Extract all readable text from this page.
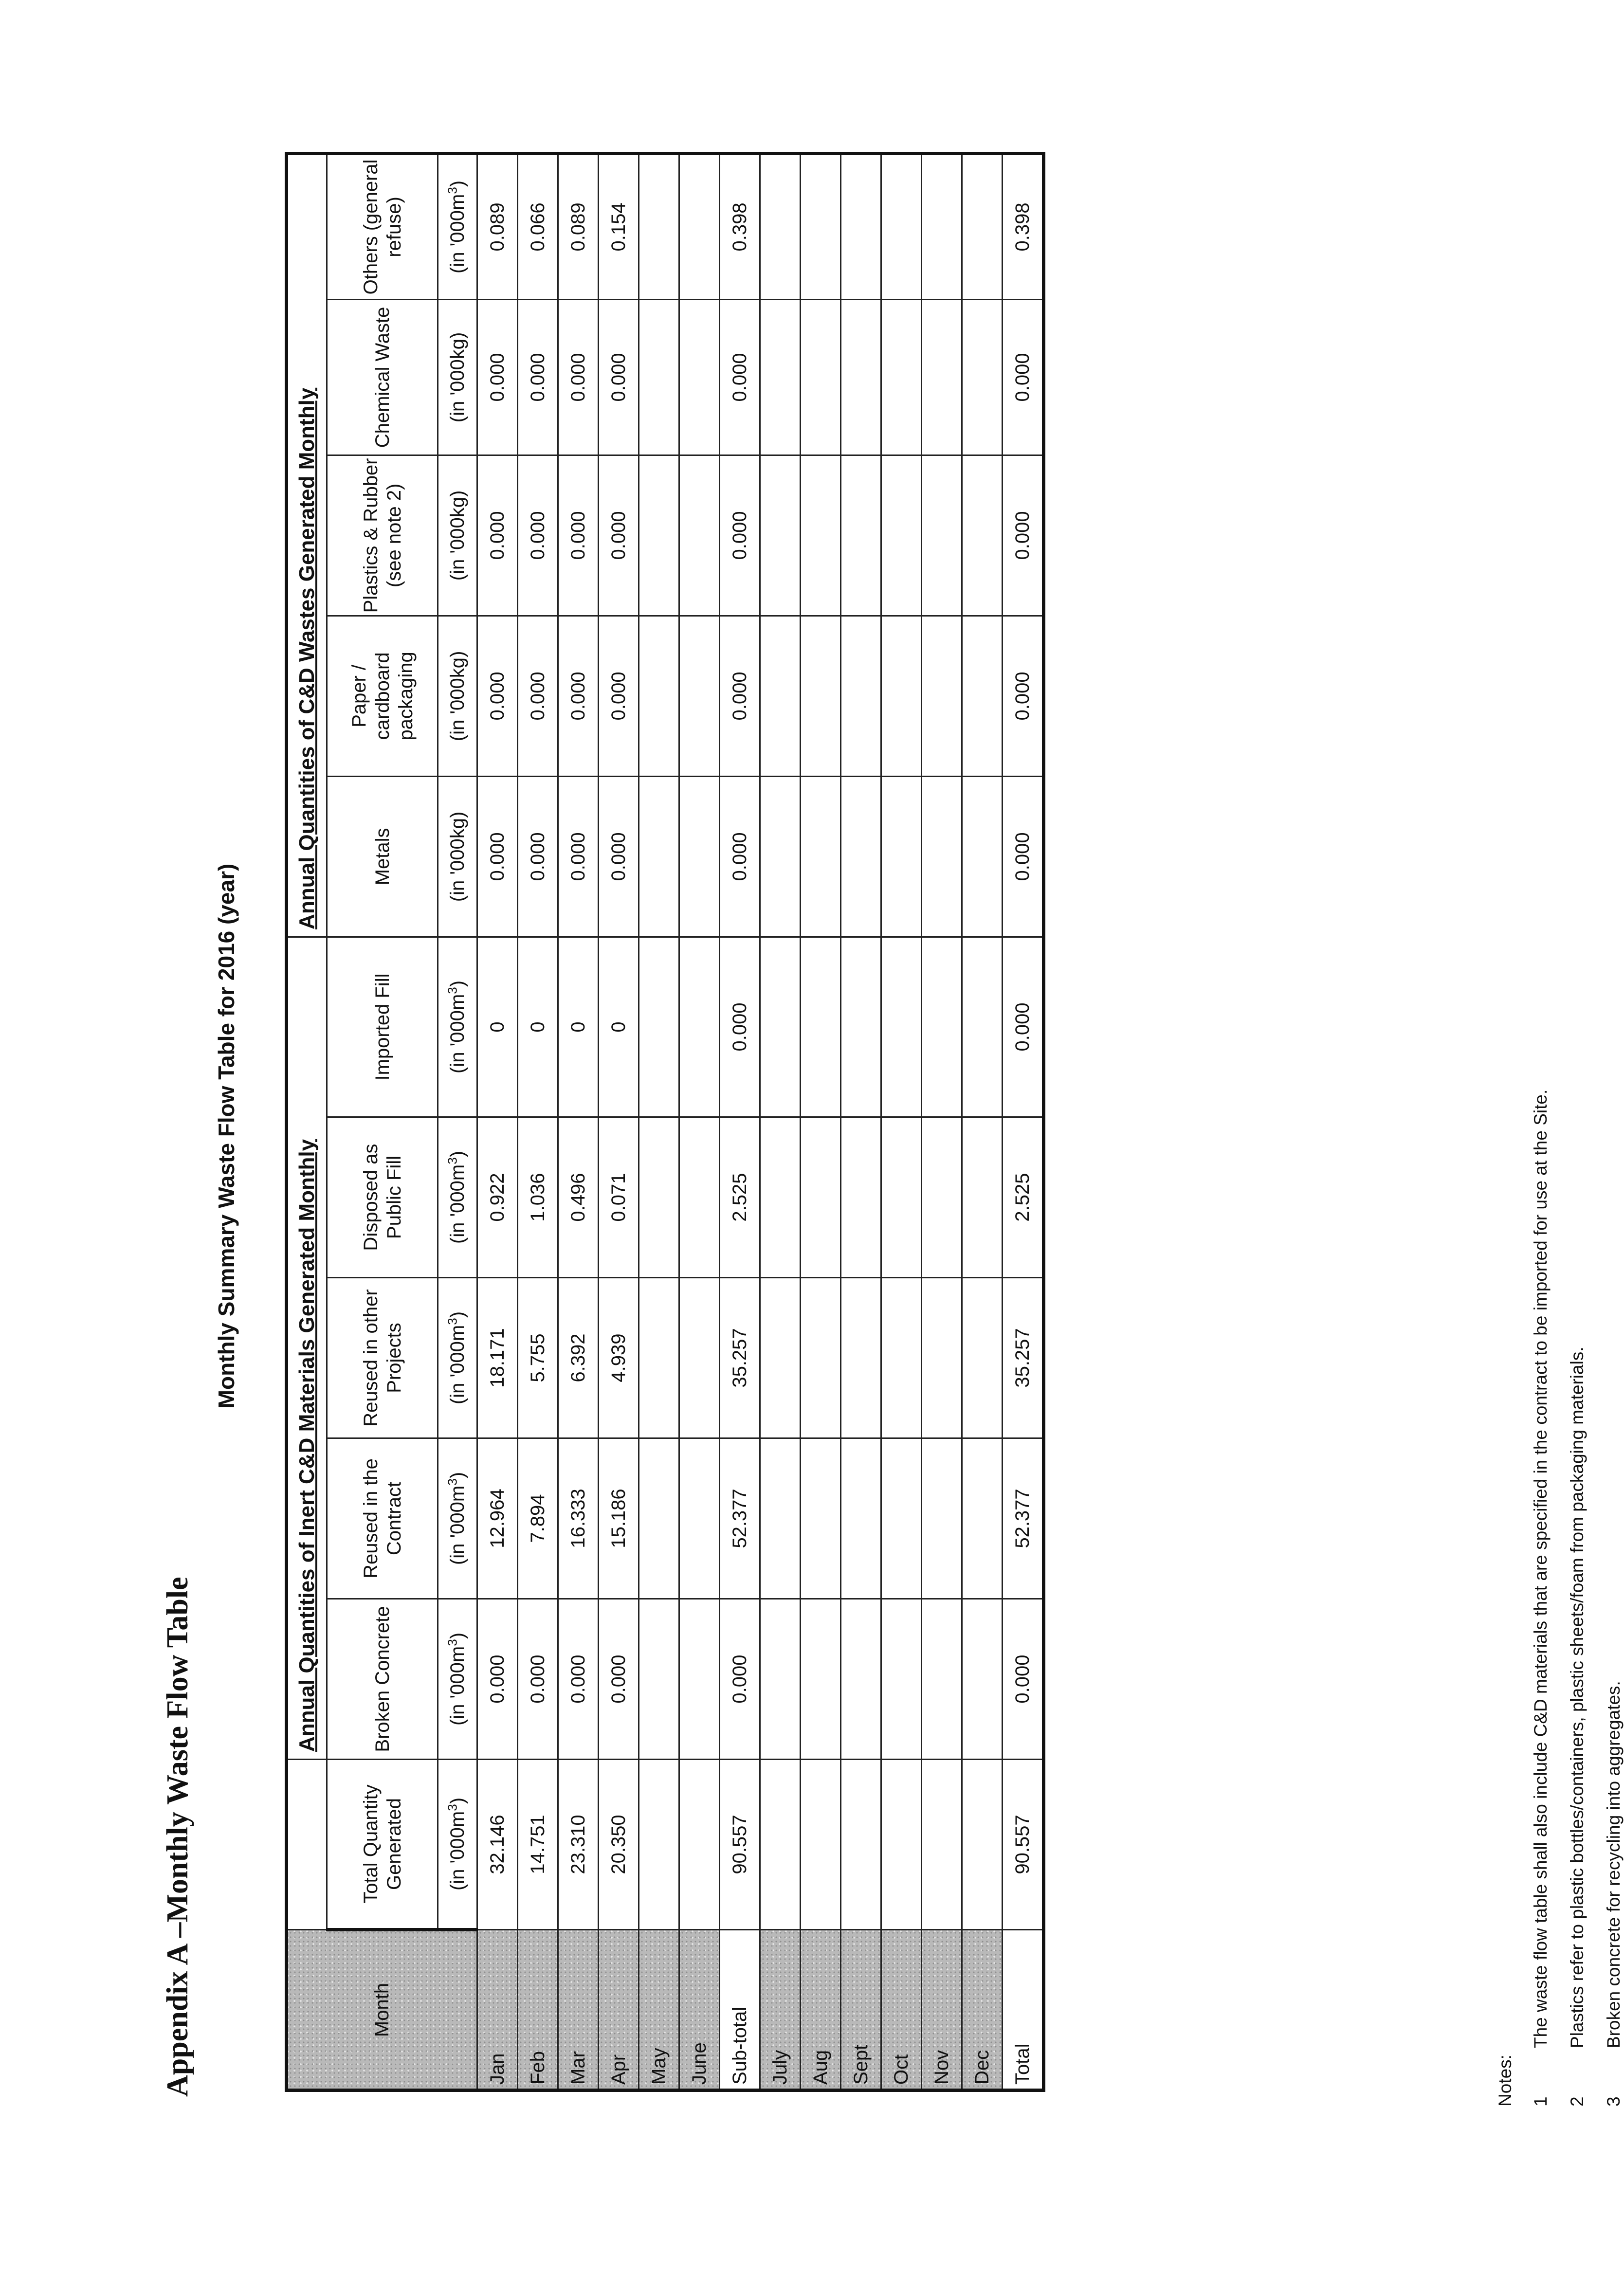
Appendix A –Monthly Waste Flow Table
Monthly Summary Waste Flow Table for 2016 (year)
Month		Annual Quantities of Inert C&D Materials Generated Monthly					Annual Quantities of C&D Wastes Generated Monthly				
	Total Quantity Generated	Broken Concrete	Reused in the Contract	Reused in other Projects	Disposed as Public Fill	Imported Fill	Metals	Paper / cardboard packaging	Plastics & Rubber (see note 2)	Chemical Waste	Others (general refuse)
	(in '$000m^3$)	(in '$000m^3$)	(in '$000m^3$)	(in '$000m^3$)	(in '$000m^3$)	(in '$000m^3$)	(in '000kg)	(in '000kg)	(in '000kg)	(in '000kg)	(in '$000m^3$)
Jan	32.146	0.000	12.964	18.171	0.922	0	0.000	0.000	0.000	0.000	0.089
Feb	14.751	0.000	7.894	5.755	1.036	0	0.000	0.000	0.000	0.000	0.066
Mar	23.310	0.000	16.333	6.392	0.496	0	0.000	0.000	0.000	0.000	0.089
Apr	20.350	0.000	15.186	4.939	0.071	0	0.000	0.000	0.000	0.000	0.154
May											
June											
Sub-total	90.557	0.000	52.377	35.257	2.525	0.000	0.000	0.000	0.000	0.000	0.398
July											
Aug											
Sept											
Oct											
Nov											
Dec											
Total	90.557	0.000	52.377	35.257	2.525	0.000	0.000	0.000	0.000	0.000	0.398
Notes: 1The waste flow table shall also include C&D materials that are specified in the contract to be imported for use at the Site.
2Plastics refer to plastic bottles/containers, plastic sheets/foam from packaging materials.
3Broken concrete for recycling into aggregates.
